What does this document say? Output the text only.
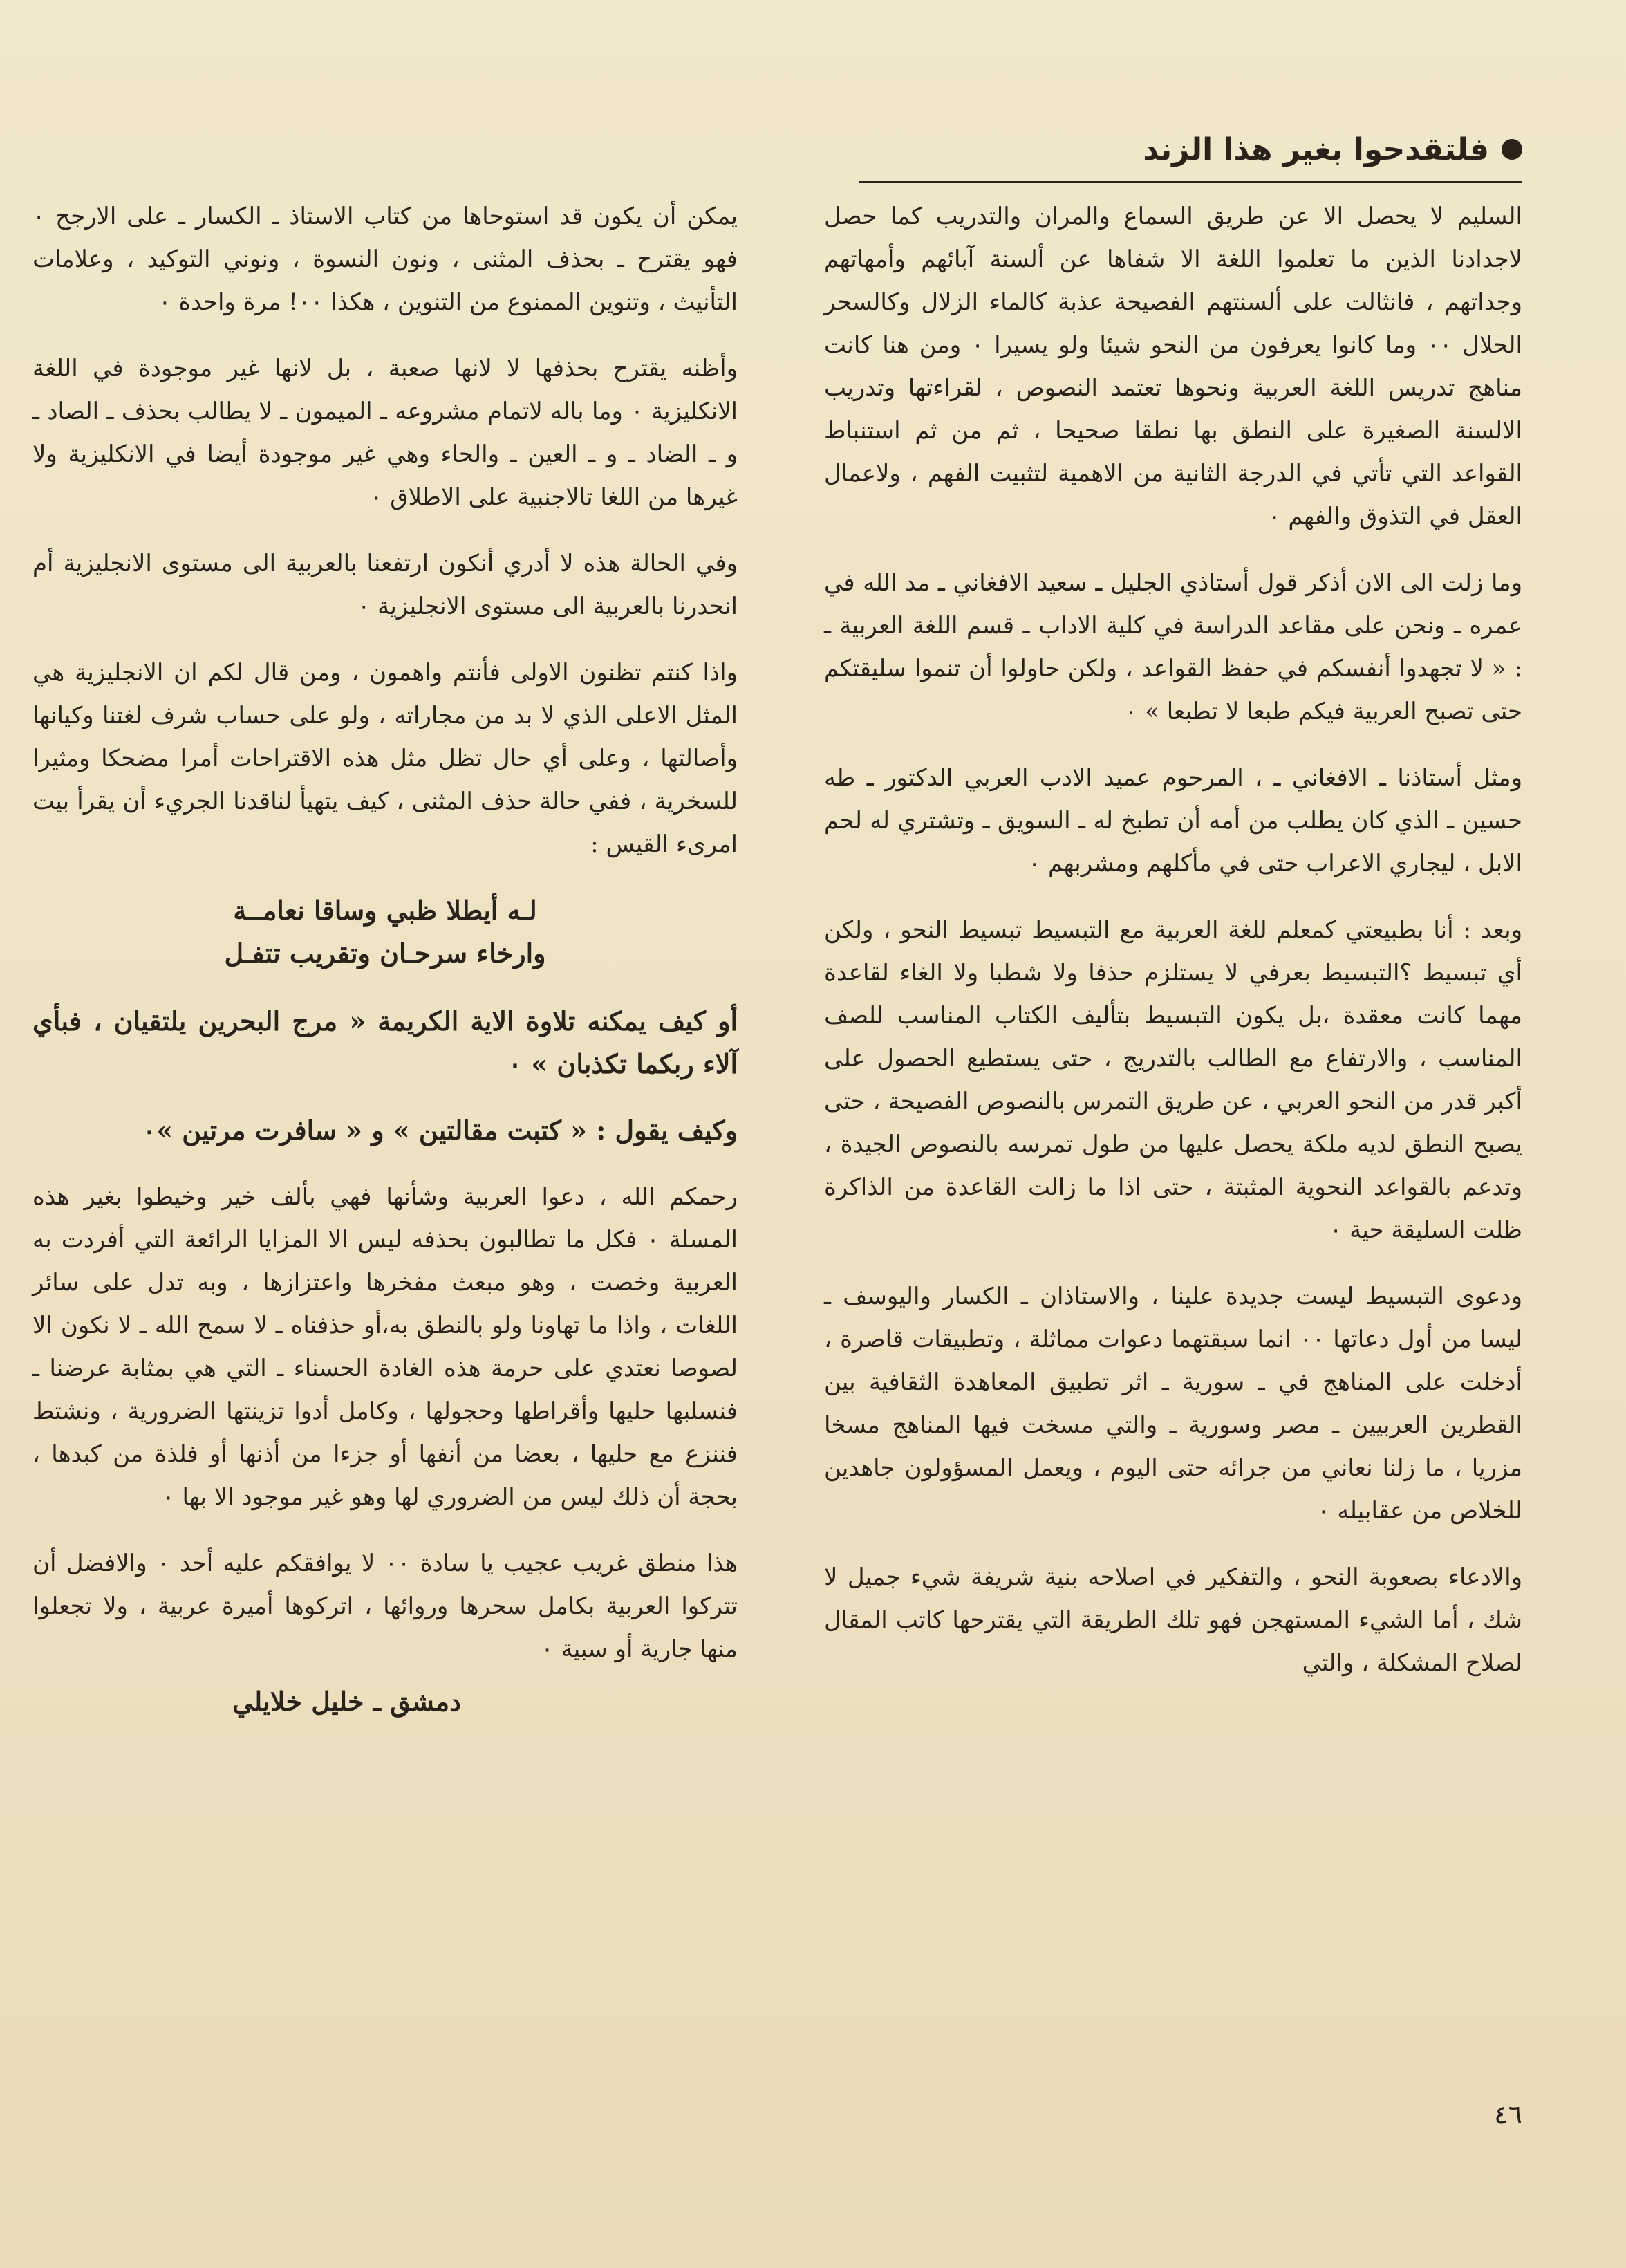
فلتقدحوا بغير هذا الزند

السليم لا يحصل الا عن طريق السماع والمران والتدريب كما حصل لاجدادنا الذين ما تعلموا اللغة الا شفاها عن ألسنة آبائهم وأمهاتهم وجداتهم ، فانثالت على ألسنتهم الفصيحة عذبة كالماء الزلال وكالسحر الحلال ٠٠ وما كانوا يعرفون من النحو شيئا ولو يسيرا ٠ ومن هنا كانت مناهج تدريس اللغة العربية ونحوها تعتمد النصوص ، لقراءتها وتدريب الالسنة الصغيرة على النطق بها نطقا صحيحا ، ثم من ثم استنباط القواعد التي تأتي في الدرجة الثانية من الاهمية لتثبيت الفهم ، ولاعمال العقل في التذوق والفهم ٠

وما زلت الى الان أذكر قول أستاذي الجليل ـ سعيد الافغاني ـ مد الله في عمره ـ ونحن على مقاعد الدراسة في كلية الاداب ـ قسم اللغة العربية ـ : « لا تجهدوا أنفسكم في حفظ القواعد ، ولكن حاولوا أن تنموا سليقتكم حتى تصبح العربية فيكم طبعا لا تطبعا » ٠

ومثل أستاذنا ـ الافغاني ـ ، المرحوم عميد الادب العربي الدكتور ـ طه حسين ـ الذي كان يطلب من أمه أن تطبخ له ـ السويق ـ وتشتري له لحم الابل ، ليجاري الاعراب حتى في مأكلهم ومشربهم ٠

وبعد : أنا بطبيعتي كمعلم للغة العربية مع التبسيط تبسيط النحو ، ولكن أي تبسيط ؟التبسيط بعرفي لا يستلزم حذفا ولا شطبا ولا الغاء لقاعدة مهما كانت معقدة ،بل يكون التبسيط بتأليف الكتاب المناسب للصف المناسب ، والارتفاع مع الطالب بالتدريج ، حتى يستطيع الحصول على أكبر قدر من النحو العربي ، عن طريق التمرس بالنصوص الفصيحة ، حتى يصبح النطق لديه ملكة يحصل عليها من طول تمرسه بالنصوص الجيدة ، وتدعم بالقواعد النحوية المثبتة ، حتى اذا ما زالت القاعدة من الذاكرة ظلت السليقة حية ٠

ودعوى التبسيط ليست جديدة علينا ، والاستاذان ـ الكسار واليوسف ـ ليسا من أول دعاتها ٠٠ انما سبقتهما دعوات مماثلة ، وتطبيقات قاصرة ، أدخلت على المناهج في ـ سورية ـ اثر تطبيق المعاهدة الثقافية بين القطرين العربيين ـ مصر وسورية ـ والتي مسخت فيها المناهج مسخا مزريا ، ما زلنا نعاني من جرائه حتى اليوم ، ويعمل المسؤولون جاهدين للخلاص من عقابيله ٠

والادعاء بصعوبة النحو ، والتفكير في اصلاحه بنية شريفة شيء جميل لا شك ، أما الشيء المستهجن فهو تلك الطريقة التي يقترحها كاتب المقال لصلاح المشكلة ، والتي

يمكن أن يكون قد استوحاها من كتاب الاستاذ ـ الكسار ـ على الارجح ٠ فهو يقترح ـ بحذف المثنى ، ونون النسوة ، ونوني التوكيد ، وعلامات التأنيث ، وتنوين الممنوع من التنوين ، هكذا ٠٠! مرة واحدة ٠

وأظنه يقترح بحذفها لا لانها صعبة ، بل لانها غير موجودة في اللغة الانكليزية ٠ وما باله لاتمام مشروعه ـ الميمون ـ لا يطالب بحذف ـ الصاد ـ و ـ الضاد ـ و ـ العين ـ والحاء وهي غير موجودة أيضا في الانكليزية ولا غيرها من اللغا تالاجنبية على الاطلاق ٠

وفي الحالة هذه لا أدري أنكون ارتفعنا بالعربية الى مستوى الانجليزية أم انحدرنا بالعربية الى مستوى الانجليزية ٠

واذا كنتم تظنون الاولى فأنتم واهمون ، ومن قال لكم ان الانجليزية هي المثل الاعلى الذي لا بد من مجاراته ، ولو على حساب شرف لغتنا وكيانها وأصالتها ، وعلى أي حال تظل مثل هذه الاقتراحات أمرا مضحكا ومثيرا للسخرية ، ففي حالة حذف المثنى ، كيف يتهيأ لناقدنا الجريء أن يقرأ بيت امرىء القيس :

لـه أيطلا ظبي وساقا نعامــة
وارخاء سرحـان وتقريب تتفـل

أو كيف يمكنه تلاوة الاية الكريمة « مرج البحرين يلتقيان ، فبأي آلاء ربكما تكذبان » ٠

وكيف يقول : « كتبت مقالتين » و « سافرت مرتين »٠

رحمكم الله ، دعوا العربية وشأنها فهي بألف خير وخيطوا بغير هذه المسلة ٠ فكل ما تطالبون بحذفه ليس الا المزايا الرائعة التي أفردت به العربية وخصت ، وهو مبعث مفخرها واعتزازها ، وبه تدل على سائر اللغات ، واذا ما تهاونا ولو بالنطق به،أو حذفناه ـ لا سمح الله ـ لا نكون الا لصوصا نعتدي على حرمة هذه الغادة الحسناء ـ التي هي بمثابة عرضنا ـ فنسلبها حليها وأقراطها وحجولها ، وكامل أدوا تزينتها الضرورية ، ونشتط فننزع مع حليها ، بعضا من أنفها أو جزءا من أذنها أو فلذة من كبدها ، بحجة أن ذلك ليس من الضروري لها وهو غير موجود الا بها ٠

هذا منطق غريب عجيب يا سادة ٠٠ لا يوافقكم عليه أحد ٠ والافضل أن تتركوا العربية بكامل سحرها وروائها ، اتركوها أميرة عربية ، ولا تجعلوا منها جارية أو سبية ٠

دمشق ـ خليل خلايلي
٤٦
